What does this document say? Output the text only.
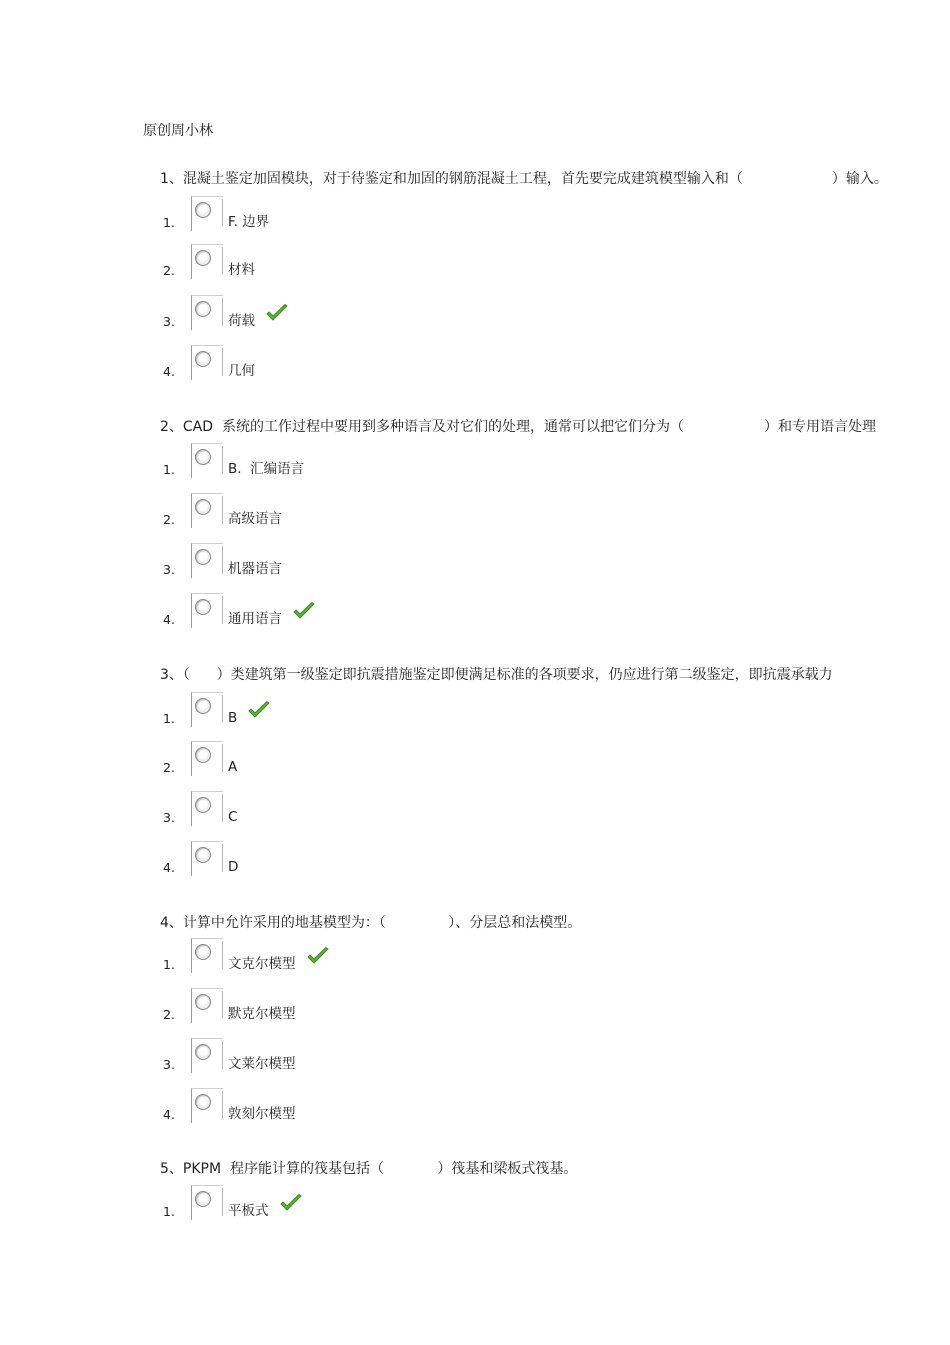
原创周小林
1、混凝土鉴定加固模块，对于待鉴定和加固的钢筋混凝土工程，首先要完成建筑模型输入和（                    ）输入。
1.	F. 边界
2.	材料
3.	荷载
4.	几何
2、CAD  系统的工作过程中要用到多种语言及对它们的处理，通常可以把它们分为（                  ）和专用语言处理
1.	B.  汇编语言
2.	高级语言
3.	机器语言
4.	通用语言
3、（      ）类建筑第一级鉴定即抗震措施鉴定即便满足标准的各项要求，仍应进行第二级鉴定，即抗震承载力
1.	B
2.	A
3.	C
4.	D
4、计算中允许采用的地基模型为：（              ）、分层总和法模型。
1.	文克尔模型
2.	默克尔模型
3.	文莱尔模型
4.	敦刻尔模型
5、PKPM  程序能计算的筏基包括（            ）筏基和梁板式筏基。
1.	平板式
